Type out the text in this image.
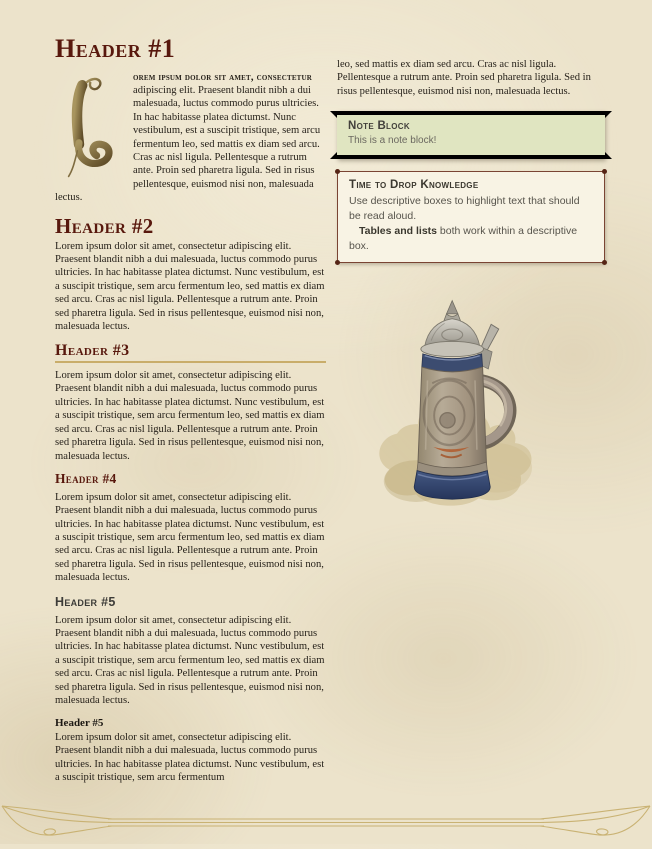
Header #1

orem ipsum dolor sit amet, consectetur adipiscing elit. Praesent blandit nibh a dui malesuada, luctus commodo purus ultricies. In hac habitasse platea dictumst. Nunc vestibulum, est a suscipit tristique, sem arcu fermentum leo, sed mattis ex diam sed arcu. Cras ac nisl ligula. Pellentesque a rutrum ante. Proin sed pharetra ligula. Sed in risus pellentesque, euismod nisi non, malesuada lectus.

Header #2

Lorem ipsum dolor sit amet, consectetur adipiscing elit. Praesent blandit nibh a dui malesuada, luctus commodo purus ultricies. In hac habitasse platea dictumst. Nunc vestibulum, est a suscipit tristique, sem arcu fermentum leo, sed mattis ex diam sed arcu. Cras ac nisl ligula. Pellentesque a rutrum ante. Proin sed pharetra ligula. Sed in risus pellentesque, euismod nisi non, malesuada lectus.

Header #3

Lorem ipsum dolor sit amet, consectetur adipiscing elit. Praesent blandit nibh a dui malesuada, luctus commodo purus ultricies. In hac habitasse platea dictumst. Nunc vestibulum, est a suscipit tristique, sem arcu fermentum leo, sed mattis ex diam sed arcu. Cras ac nisl ligula. Pellentesque a rutrum ante. Proin sed pharetra ligula. Sed in risus pellentesque, euismod nisi non, malesuada lectus.

Header #4

Lorem ipsum dolor sit amet, consectetur adipiscing elit. Praesent blandit nibh a dui malesuada, luctus commodo purus ultricies. In hac habitasse platea dictumst. Nunc vestibulum, est a suscipit tristique, sem arcu fermentum leo, sed mattis ex diam sed arcu. Cras ac nisl ligula. Pellentesque a rutrum ante. Proin sed pharetra ligula. Sed in risus pellentesque, euismod nisi non, malesuada lectus.

Header #5

Lorem ipsum dolor sit amet, consectetur adipiscing elit. Praesent blandit nibh a dui malesuada, luctus commodo purus ultricies. In hac habitasse platea dictumst. Nunc vestibulum, est a suscipit tristique, sem arcu fermentum leo, sed mattis ex diam sed arcu. Cras ac nisl ligula. Pellentesque a rutrum ante. Proin sed pharetra ligula. Sed in risus pellentesque, euismod nisi non, malesuada lectus.

Header #5

Lorem ipsum dolor sit amet, consectetur adipiscing elit. Praesent blandit nibh a dui malesuada, luctus commodo purus ultricies. In hac habitasse platea dictumst. Nunc vestibulum, est a suscipit tristique, sem arcu fermentum

leo, sed mattis ex diam sed arcu. Cras ac nisl ligula. Pellentesque a rutrum ante. Proin sed pharetra ligula. Sed in risus pellentesque, euismod nisi non, malesuada lectus.

Note Block

This is a note block!

Time to Drop Knowledge

Use descriptive boxes to highlight text that should be read aloud.

Tables and lists both work within a descriptive box.
